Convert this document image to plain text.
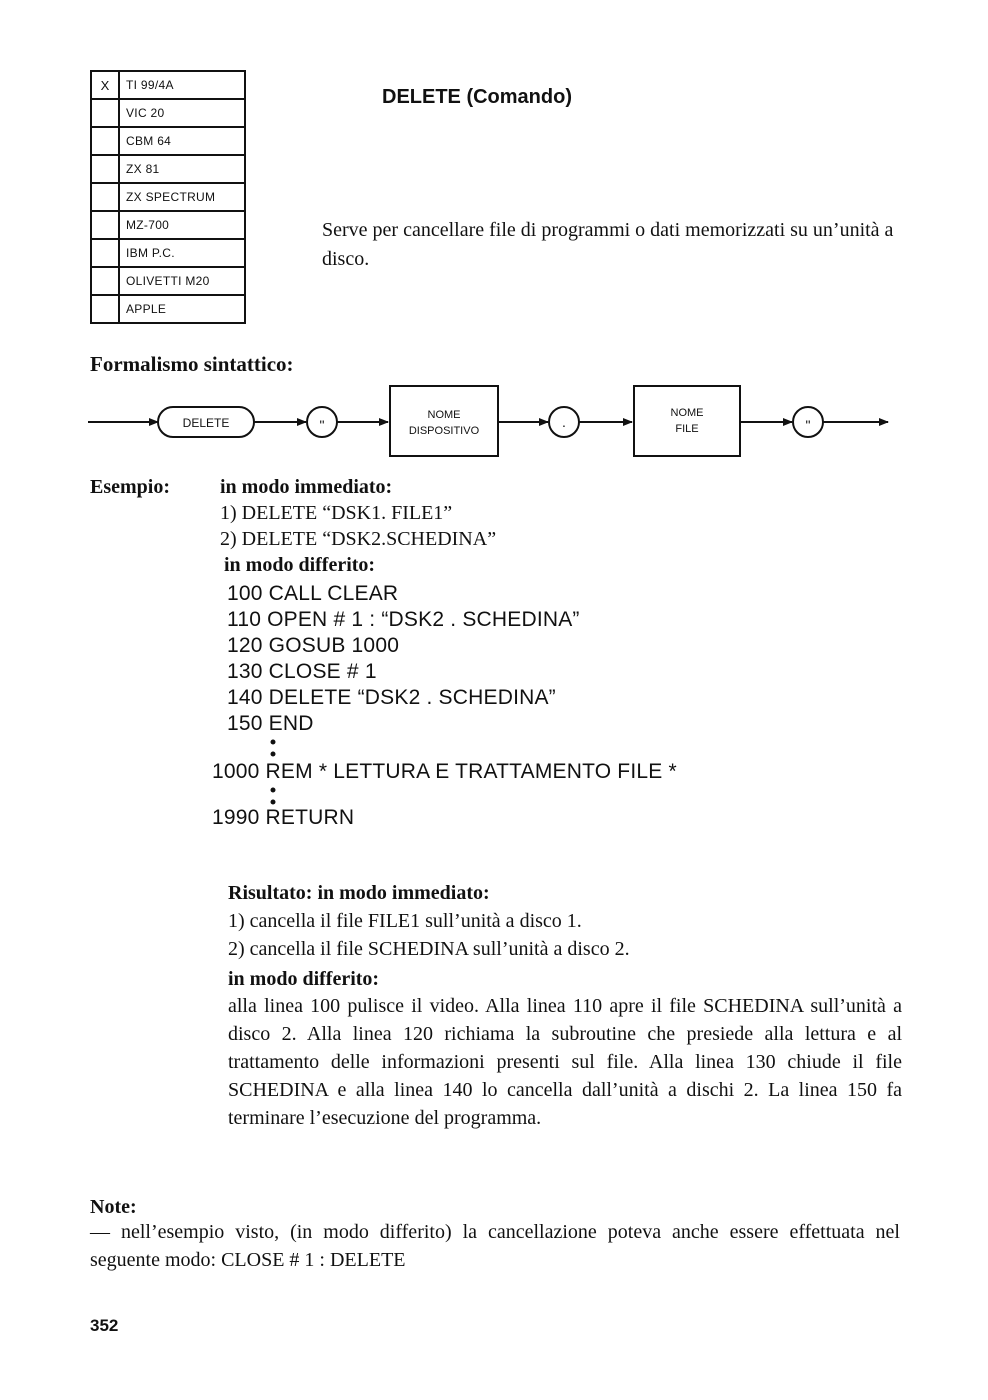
X	TI 99/4A
VIC 20
CBM 64
ZX 81
ZX SPECTRUM
MZ-700
IBM P.C.
OLIVETTI M20
APPLE
DELETE (Comando)
Serve per cancellare file di programmi o dati memorizzati su un’unità a disco.
Formalismo sintattico:
DELETE	"
NOME
DISPOSITIVO
.
NOME
FILE	"
Esempio:	in modo immediato:
1) DELETE “DSK1. FILE1”
2) DELETE “DSK2.SCHEDINA”
in modo differito:
100 CALL CLEAR
110 OPEN # 1 : “DSK2 . SCHEDINA”
120 GOSUB 1000
130 CLOSE # 1
140 DELETE “DSK2 . SCHEDINA”
150 END
1000 REM * LETTURA E TRATTAMENTO FILE *
1990 RETURN
Risultato: in modo immediato:
1) cancella il file FILE1 sull’unità a disco 1.
2) cancella il file SCHEDINA sull’unità a disco 2.
in modo differito:
alla linea 100 pulisce il video. Alla linea 110 apre il file SCHEDINA sull’unità a disco 2. Alla linea 120 richiama la subroutine che presiede alla lettura e al trattamento delle informazioni presenti sul file. Alla linea 130 chiude il file SCHEDINA e alla linea 140 lo cancella dall’unità a dischi 2. La linea 150 fa terminare l’esecuzione del programma.
Note:
— nell’esempio visto, (in modo differito) la cancellazione poteva anche essere effettuata nel seguente modo: CLOSE # 1 : DELETE
352
